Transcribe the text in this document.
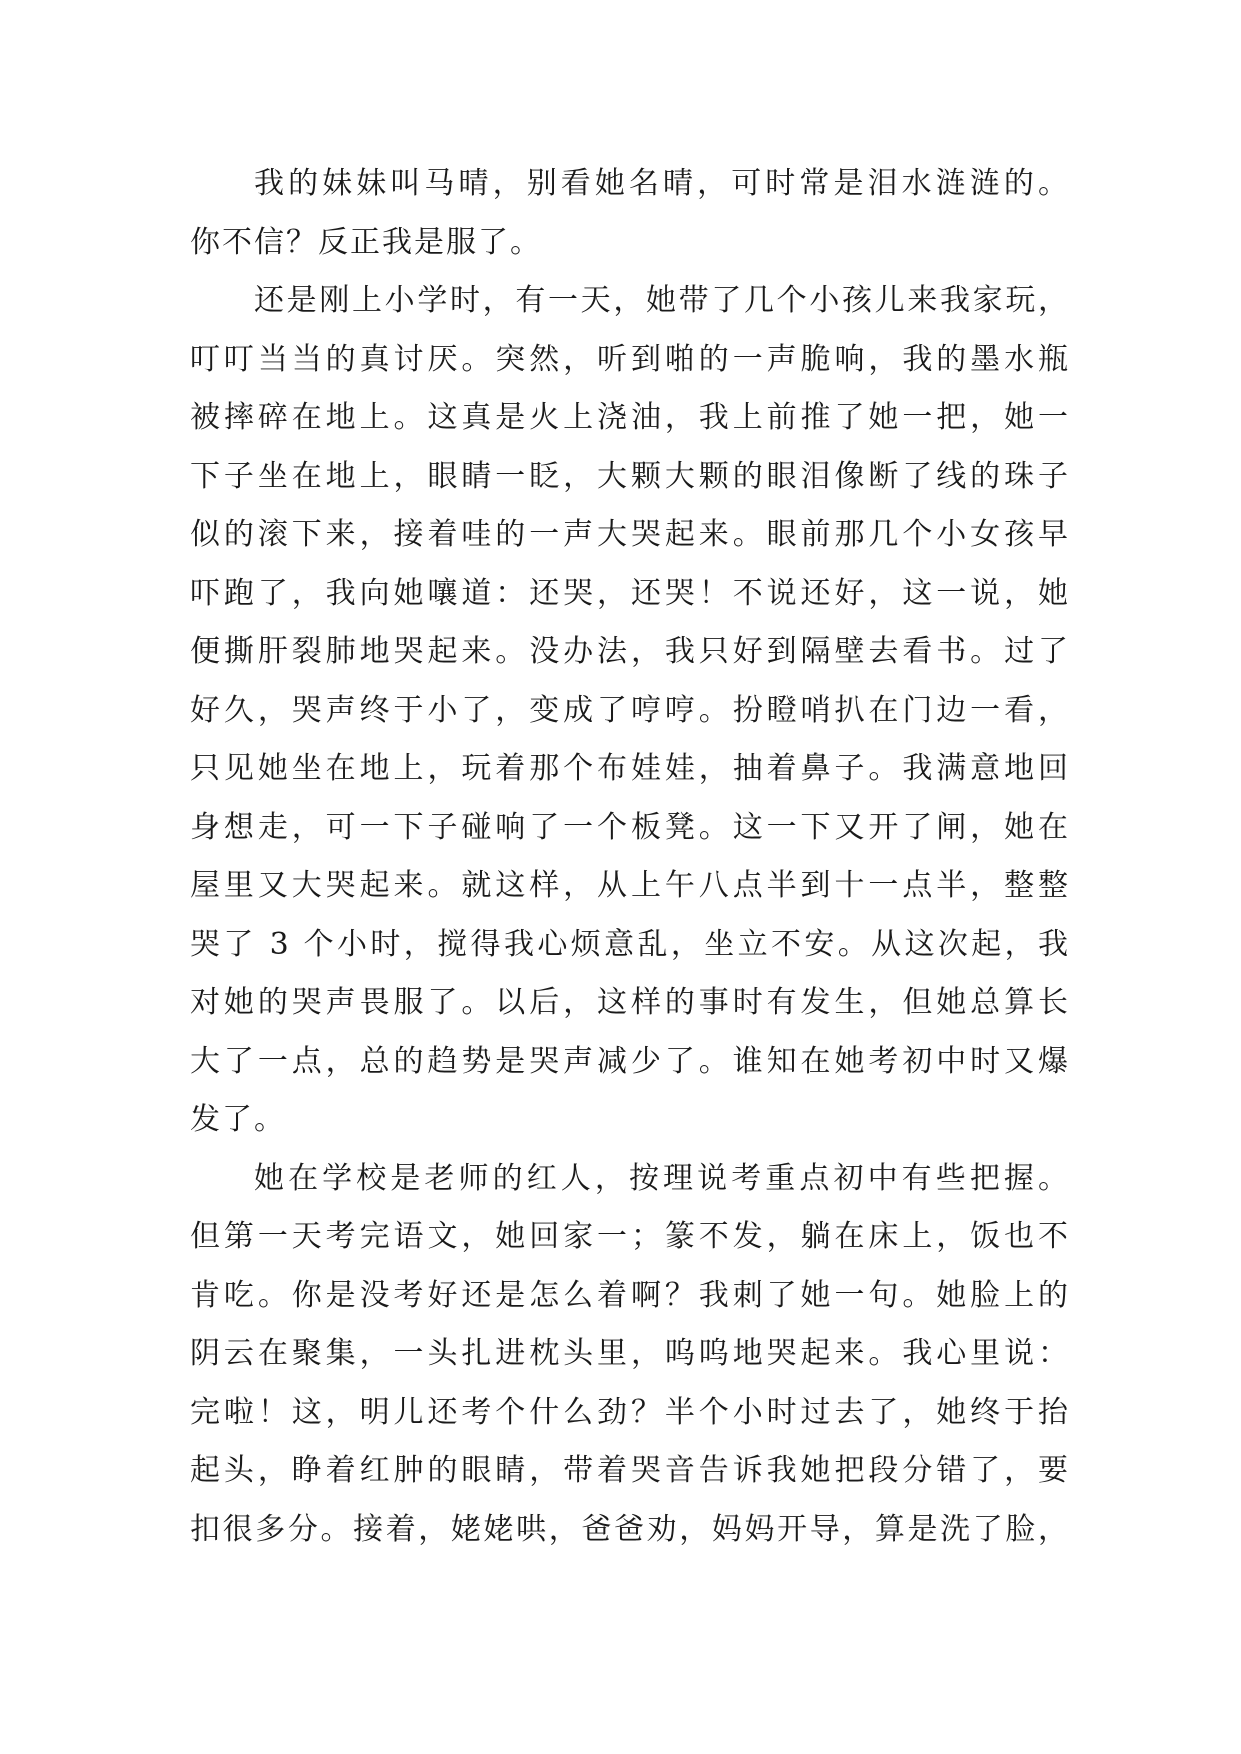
我的妹妹叫马晴，别看她名晴，可时常是泪水涟涟的。
你不信？反正我是服了。
还是刚上小学时，有一天，她带了几个小孩儿来我家玩，
叮叮当当的真讨厌。突然，听到啪的一声脆响，我的墨水瓶
被摔碎在地上。这真是火上浇油，我上前推了她一把，她一
下子坐在地上，眼睛一眨，大颗大颗的眼泪像断了线的珠子
似的滚下来，接着哇的一声大哭起来。眼前那几个小女孩早
吓跑了，我向她嚷道：还哭，还哭！不说还好，这一说，她
便撕肝裂肺地哭起来。没办法，我只好到隔壁去看书。过了
好久，哭声终于小了，变成了哼哼。扮瞪哨扒在门边一看，
只见她坐在地上，玩着那个布娃娃，抽着鼻子。我满意地回
身想走，可一下子碰响了一个板凳。这一下又开了闸，她在
屋里又大哭起来。就这样，从上午八点半到十一点半，整整
哭了 3 个小时，搅得我心烦意乱，坐立不安。从这次起，我
对她的哭声畏服了。以后，这样的事时有发生，但她总算长
大了一点，总的趋势是哭声减少了。谁知在她考初中时又爆
发了。
她在学校是老师的红人，按理说考重点初中有些把握。
但第一天考完语文，她回家一；篆不发，躺在床上，饭也不
肯吃。你是没考好还是怎么着啊？我刺了她一句。她脸上的
阴云在聚集，一头扎进枕头里，呜呜地哭起来。我心里说：
完啦！这，明儿还考个什么劲？半个小时过去了，她终于抬
起头，睁着红肿的眼睛，带着哭音告诉我她把段分错了，要
扣很多分。接着，姥姥哄，爸爸劝，妈妈开导，算是洗了脸，
